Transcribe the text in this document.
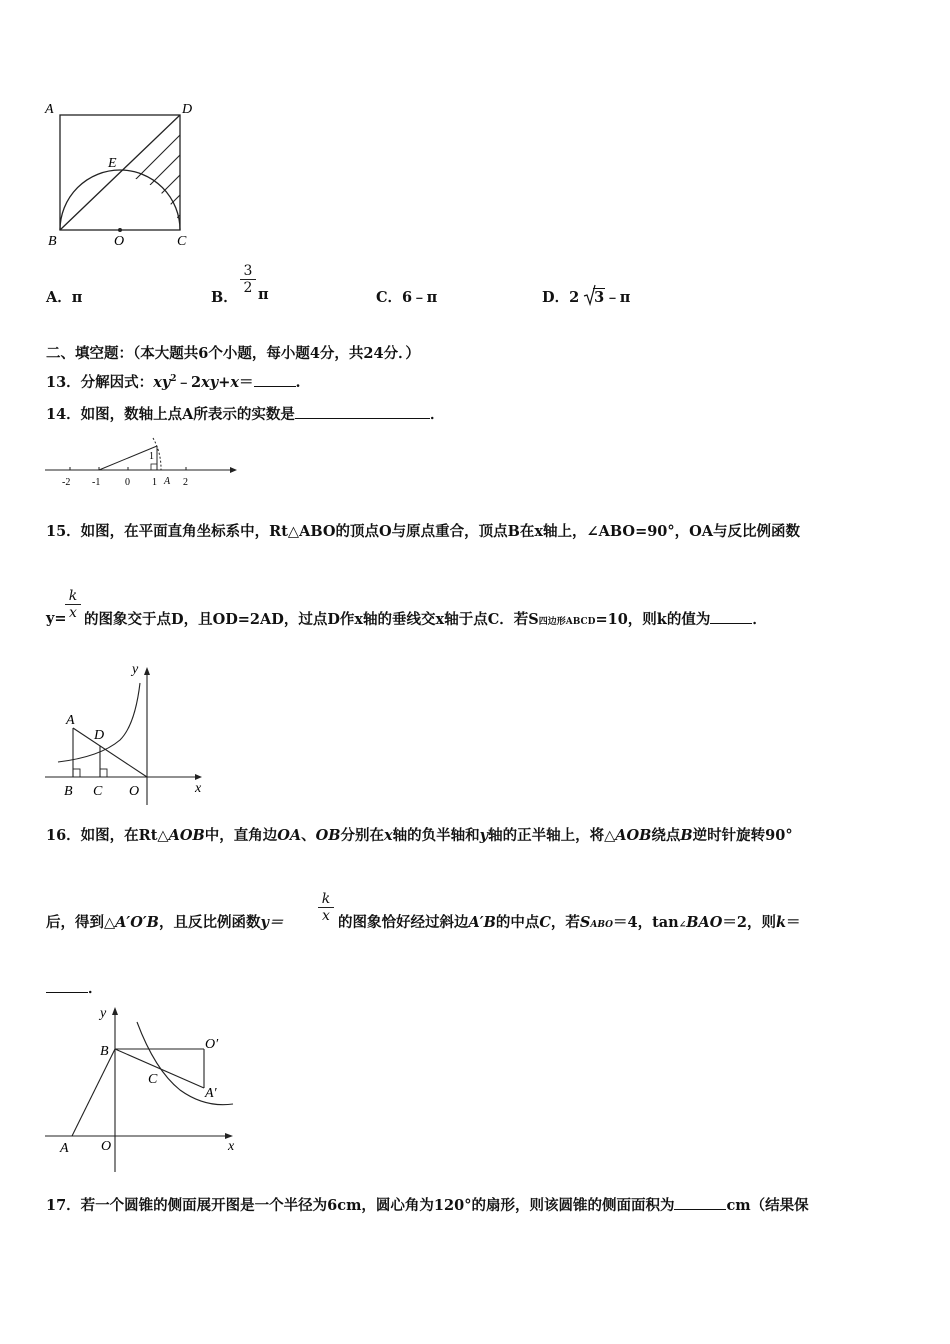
A	D
E
B	O	C
A．π	B．
$\frac{3}{2}$ π	C．6﹣π	D．2 3﹣π
二、填空题：（本大题共6个小题，每小题4分，共24分．）
13．分解因式：$xy^2﹣2xy+x=$	.
14．如图，数轴上点A所表示的实数是	．
-2 -1 0 1	2
1
A
15．如图，在平面直角坐标系中，Rt△ABO的顶点O与原点重合，顶点B在x轴上，∠ABO=90°，OA与反比例函数
y=
$\frac{k}{x}$ 的图象交于点D，且OD=2AD，过点D作x轴的垂线交x轴于点C．若S四边形ABCD=10，则k的值为	．
y
A
D
B C O	x
16．如图，在Rt△AOB中，直角边OA、OB分别在x轴的负半轴和y轴的正半轴上，将△AOB绕点B逆时针旋转90°
后，得到△A′O′B，且反比例函数$y= \frac{k}{x}$ 的图象恰好经过斜边A′B的中点C，若SABO＝4，tan∠BAO＝2，则k＝
．
y
B	O′
C
A′
A O	x
17．若一个圆锥的侧面展开图是一个半径为6cm，圆心角为120°的扇形，则该圆锥的侧面面积为	cm（结果保
